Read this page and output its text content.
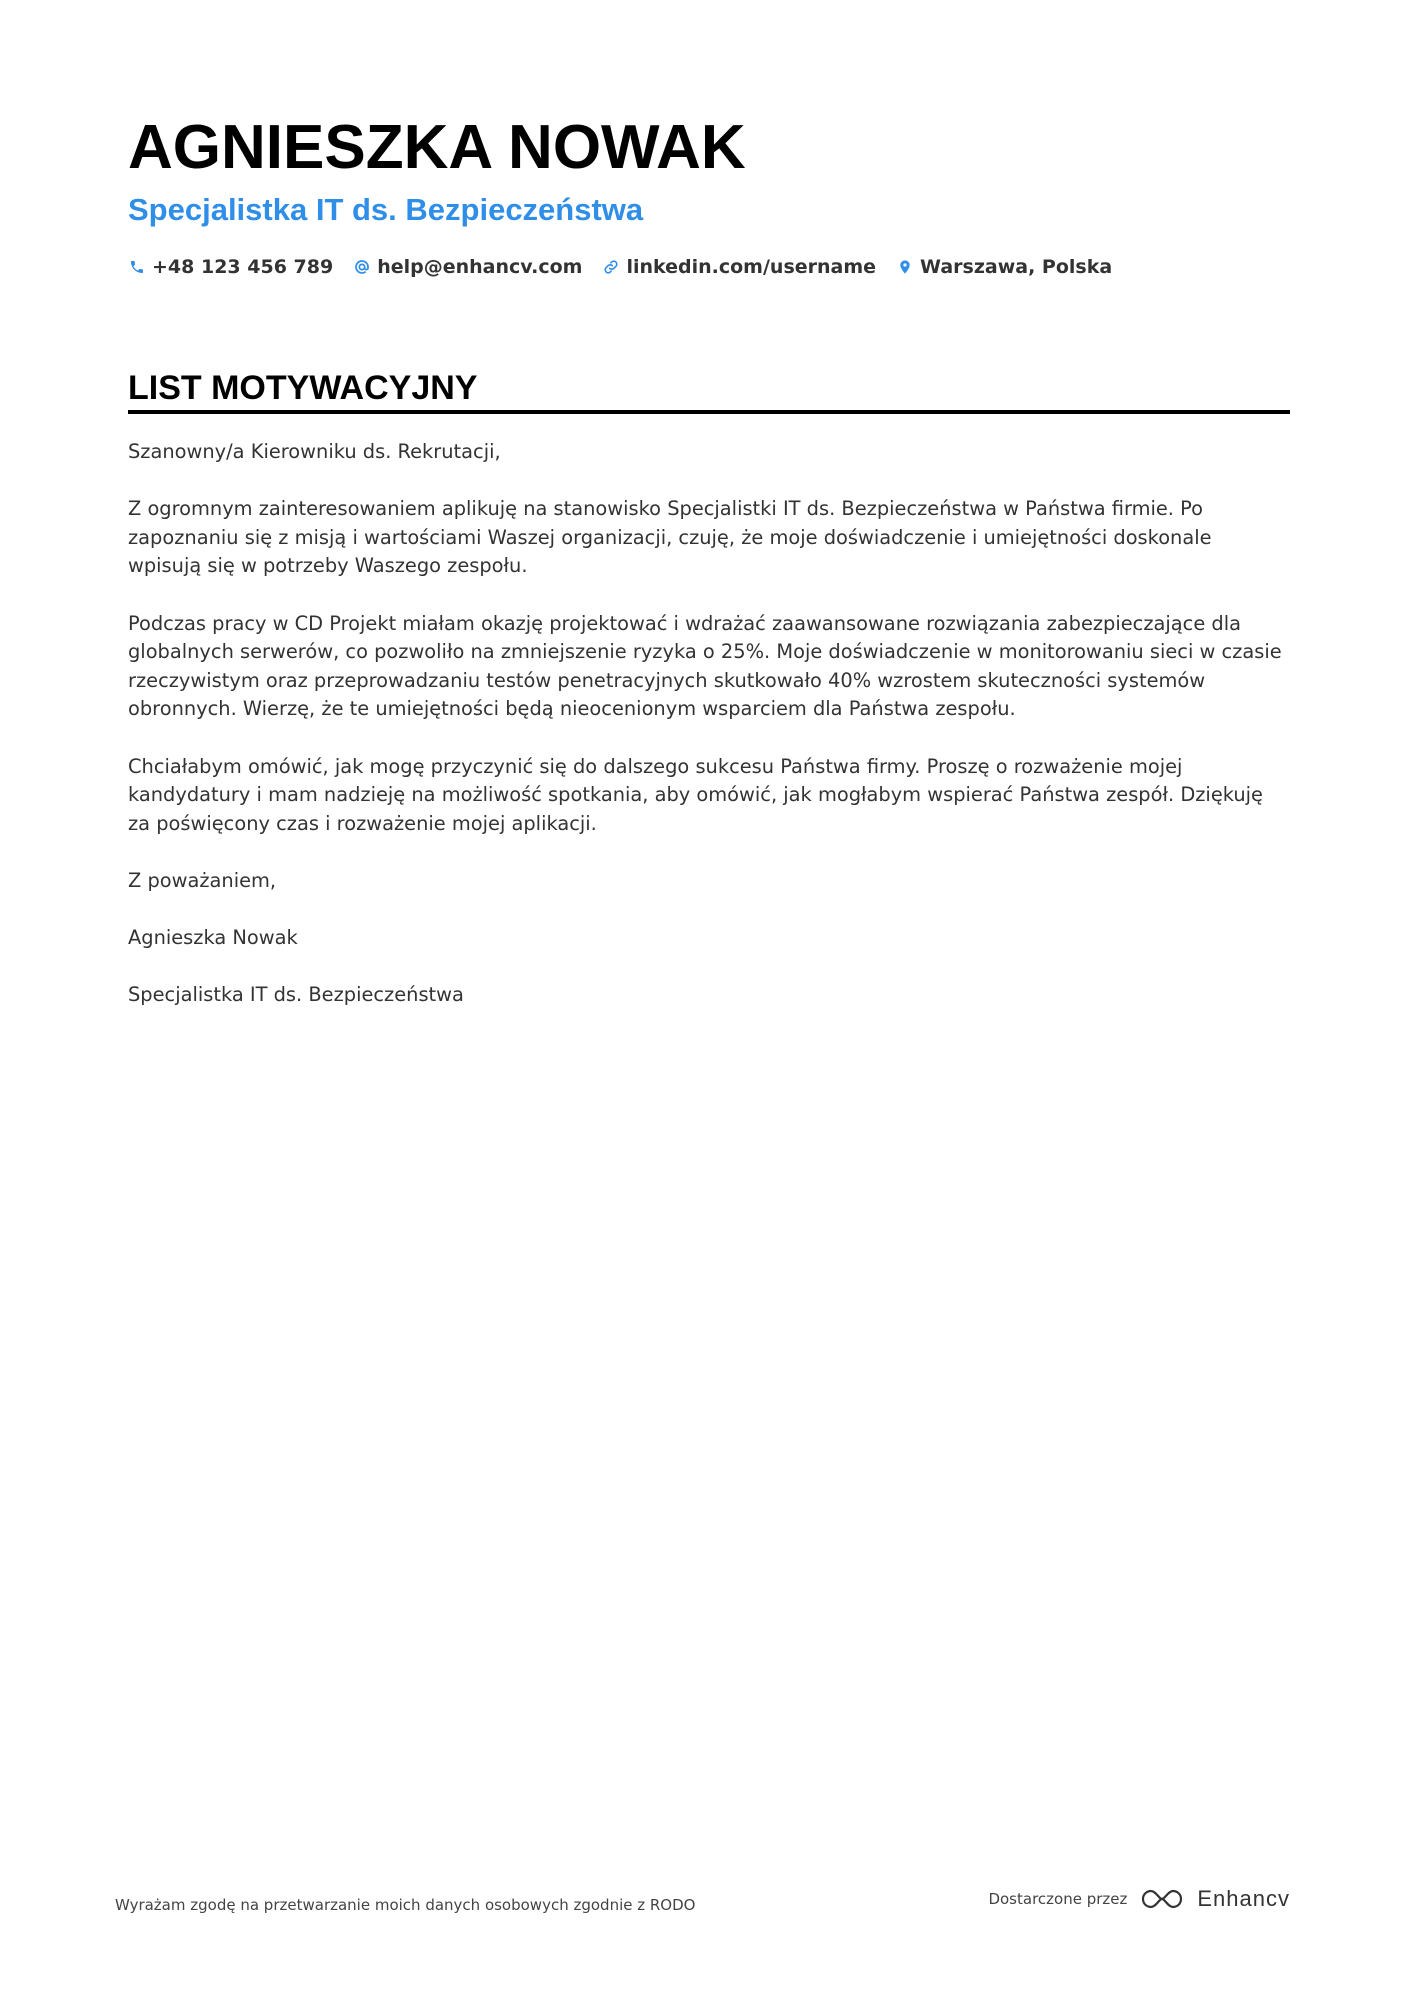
AGNIESZKA NOWAK
Specjalistka IT ds. Bezpieczeństwa
+48 123 456 789 help@enhancv.com linkedin.com/username Warszawa, Polska
LIST MOTYWACYJNY

Szanowny/a Kierowniku ds. Rekrutacji,

Z ogromnym zainteresowaniem aplikuję na stanowisko Specjalistki IT ds. Bezpieczeństwa w Państwa firmie. Po zapoznaniu się z misją i wartościami Waszej organizacji, czuję, że moje doświadczenie i umiejętności doskonale wpisują się w potrzeby Waszego zespołu.

Podczas pracy w CD Projekt miałam okazję projektować i wdrażać zaawansowane rozwiązania zabezpieczające dla globalnych serwerów, co pozwoliło na zmniejszenie ryzyka o 25%. Moje doświadczenie w monitorowaniu sieci w czasie rzeczywistym oraz przeprowadzaniu testów penetracyjnych skutkowało 40% wzrostem skuteczności systemów obronnych. Wierzę, że te umiejętności będą nieocenionym wsparciem dla Państwa zespołu.

Chciałabym omówić, jak mogę przyczynić się do dalszego sukcesu Państwa firmy. Proszę o rozważenie mojej kandydatury i mam nadzieję na możliwość spotkania, aby omówić, jak mogłabym wspierać Państwa zespół. Dziękuję za poświęcony czas i rozważenie mojej aplikacji.

Z poważaniem,

Agnieszka Nowak

Specjalistka IT ds. Bezpieczeństwa

Wyrażam zgodę na przetwarzanie moich danych osobowych zgodnie z RODO	Dostarczone przez	Enhancv
